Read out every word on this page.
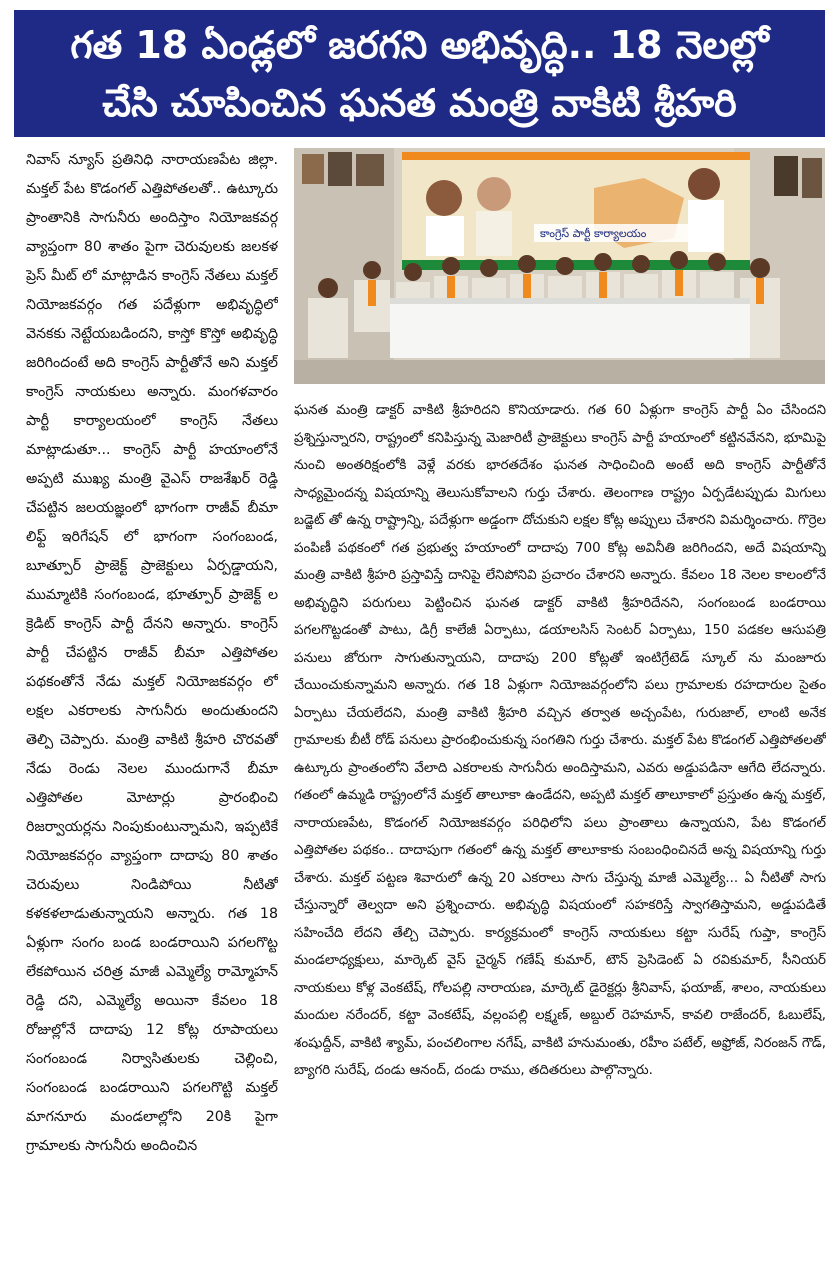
గత 18 ఏండ్లలో జరగని అభివృద్ధి.. 18 నెలల్లో
చేసి చూపించిన ఘనత మంత్రి వాకిటి శ్రీహరి

నివాస్ న్యూస్ ప్రతినిధి నారాయణపేట జిల్లా. మక్తల్ పేట కొడంగల్ ఎత్తిపోతలతో.. ఉట్కూరు ప్రాంతానికి సాగునీరు అందిస్తాం నియోజకవర్గ వ్యాప్తంగా 80 శాతం పైగా చెరువులకు జలకళ ప్రెస్ మీట్ లో మాట్లాడిన కాంగ్రెస్ నేతలు మక్తల్ నియోజకవర్గం గత పదేళ్లుగా అభివృద్ధిలో వెనకకు నెట్టేయబడిందని, కాస్తో కొస్తో అభివృద్ధి జరిగిందంటే అది కాంగ్రెస్ పార్టీతోనే అని మక్తల్ కాంగ్రెస్ నాయకులు అన్నారు. మంగళవారం పార్టీ కార్యాలయంలో కాంగ్రెస్ నేతలు మాట్లాడుతూ... కాంగ్రెస్ పార్టీ హయాంలోనే అప్పటి ముఖ్య మంత్రి వైఎస్ రాజశేఖర్ రెడ్డి చేపట్టిన జలయజ్ఞంలో భాగంగా రాజీవ్ బీమా లిఫ్ట్ ఇరిగేషన్ లో భాగంగా సంగంబండ, బూత్పూర్ ప్రాజెక్ట్ ప్రాజెక్టులు ఏర్పడ్డాయని, ముమ్మాటికి సంగంబండ, భూత్పూర్ ప్రాజెక్ట్ ల క్రెడిట్ కాంగ్రెస్ పార్టీ దేనని అన్నారు. కాంగ్రెస్ పార్టీ చేపట్టిన రాజీవ్ బీమా ఎత్తిపోతల పథకంతోనే నేడు మక్తల్ నియోజకవర్గం లో లక్షల ఎకరాలకు సాగునీరు అందుతుందని తెల్పి చెప్పారు. మంత్రి వాకిటి శ్రీహరి చొరవతో నేడు రెండు నెలల ముందుగానే బీమా ఎత్తిపోతల మోటార్లు ప్రారంభించి రిజర్వాయర్లను నింపుకుంటున్నామని, ఇప్పటికే నియోజకవర్గం వ్యాప్తంగా దాదాపు 80 శాతం చెరువులు నిండిపోయి నీటితో కళకళలాడుతున్నాయని అన్నారు. గత 18 ఏళ్లుగా సంగం బండ బండరాయిని పగలగొట్ట లేకపోయిన చరిత్ర మాజీ ఎమ్మెల్యే రామ్మోహన్ రెడ్డి దని, ఎమ్మెల్యే అయినా కేవలం 18 రోజుల్లోనే దాదాపు 12 కోట్ల రూపాయలు సంగంబండ నిర్వాసితులకు చెల్లించి, సంగంబండ బండరాయిని పగలగొట్టి మక్తల్ మాగనూరు మండలాల్లోని 20కి పైగా గ్రామాలకు సాగునీరు అందించిన

కాంగ్రెస్ పార్టీ కార్యాలయం

ఘనత మంత్రి డాక్టర్ వాకిటి శ్రీహరిదని కొనియాడారు. గత 60 ఏళ్లుగా కాంగ్రెస్ పార్టీ ఏం చేసిందని ప్రశ్నిస్తున్నారని, రాష్ట్రంలో కనిపిస్తున్న మెజారిటీ ప్రాజెక్టులు కాంగ్రెస్ పార్టీ హయాంలో కట్టినవేనని, భూమిపై నుంచి అంతరిక్షంలోకి వెళ్లే వరకు భారతదేశం ఘనత సాధించింది అంటే అది కాంగ్రెస్ పార్టీతోనే సాధ్యమైందన్న విషయాన్ని తెలుసుకోవాలని గుర్తు చేశారు. తెలంగాణ రాష్ట్రం ఏర్పడేటప్పుడు మిగులు బడ్జెట్ తో ఉన్న రాష్ట్రాన్ని, పదేళ్లుగా అడ్డంగా దోచుకుని లక్షల కోట్ల అప్పులు చేశారని విమర్శించారు. గొర్రెల పంపిణీ పథకంలో గత ప్రభుత్వ హయాంలో దాదాపు 700 కోట్ల అవినీతి జరిగిందని, అదే విషయాన్ని మంత్రి వాకిటి శ్రీహరి ప్రస్తావిస్తే దానిపై లేనిపోనివి ప్రచారం చేశారని అన్నారు. కేవలం 18 నెలల కాలంలోనే అభివృద్ధిని పరుగులు పెట్టించిన ఘనత డాక్టర్ వాకిటి శ్రీహరిదేనని, సంగంబండ బండరాయి పగలగొట్టడంతో పాటు, డిగ్రీ కాలేజీ ఏర్పాటు, డయాలసిస్ సెంటర్ ఏర్పాటు, 150 పడకల ఆసుపత్రి పనులు జోరుగా సాగుతున్నాయని, దాదాపు 200 కోట్లతో ఇంటిగ్రేటెడ్ స్కూల్ ను మంజూరు చేయించుకున్నామని అన్నారు. గత 18 ఏళ్లుగా నియోజవర్గంలోని పలు గ్రామాలకు రహదారుల సైతం ఏర్పాటు చేయలేదని, మంత్రి వాకిటి శ్రీహరి వచ్చిన తర్వాత అచ్చంపేట, గురుజాల్, లాంటి అనేక గ్రామాలకు బీటీ రోడ్ పనులు ప్రారంభించుకున్న సంగతిని గుర్తు చేశారు. మక్తల్ పేట కొడంగల్ ఎత్తిపోతలతో ఉట్కూరు ప్రాంతంలోని వేలాది ఎకరాలకు సాగునీరు అందిస్తామని, ఎవరు అడ్డుపడినా ఆగేది లేదన్నారు. గతంలో ఉమ్మడి రాష్ట్రంలోనే మక్తల్ తాలూకా ఉండేదని, అప్పటి మక్తల్ తాలూకాలో ప్రస్తుతం ఉన్న మక్తల్, నారాయణపేట, కొడంగల్ నియోజకవర్గం పరిధిలోని పలు ప్రాంతాలు ఉన్నాయని, పేట కొడంగల్ ఎత్తిపోతల పథకం.. దాదాపుగా గతంలో ఉన్న మక్తల్ తాలూకాకు సంబంధించినదే అన్న విషయాన్ని గుర్తు చేశారు. మక్తల్ పట్టణ శివారులో ఉన్న 20 ఎకరాలు సాగు చేస్తున్న మాజీ ఎమ్మెల్యే... ఏ నీటితో సాగు చేస్తున్నారో తెల్వదా అని ప్రశ్నించారు. అభివృద్ధి విషయంలో సహకరిస్తే స్వాగతిస్తామని, అడ్డుపడితే సహించేది లేదని తేల్చి చెప్పారు. కార్యక్రమంలో కాంగ్రెస్ నాయకులు కట్టా సురేష్ గుప్తా, కాంగ్రెస్ మండలాధ్యక్షులు, మార్కెట్ వైస్ చైర్మన్ గణేష్ కుమార్, టౌన్ ప్రెసిడెంట్ ఏ రవికుమార్, సీనియర్ నాయకులు కోళ్ల వెంకటేష్, గోలపల్లి నారాయణ, మార్కెట్ డైరెక్టర్లు శ్రీనివాస్, ఫయాజ్, శాలం, నాయకులు మందుల నరేందర్, కట్టా వెంకటేష్, వల్లంపల్లి లక్ష్మణ్, అబ్దుల్ రెహమాన్, కావలి రాజేందర్, ఓబులేష్, శంషుద్దీన్, వాకిటి శ్యామ్, పంచలింగాల నగేష్, వాకిటి హనుమంతు, రహీం పటేల్, అఫ్రోజ్, నిరంజన్ గౌడ్, బ్యాగరి సురేష్, దండు ఆనంద్, దండు రాము, తదితరులు పాల్గొన్నారు.
